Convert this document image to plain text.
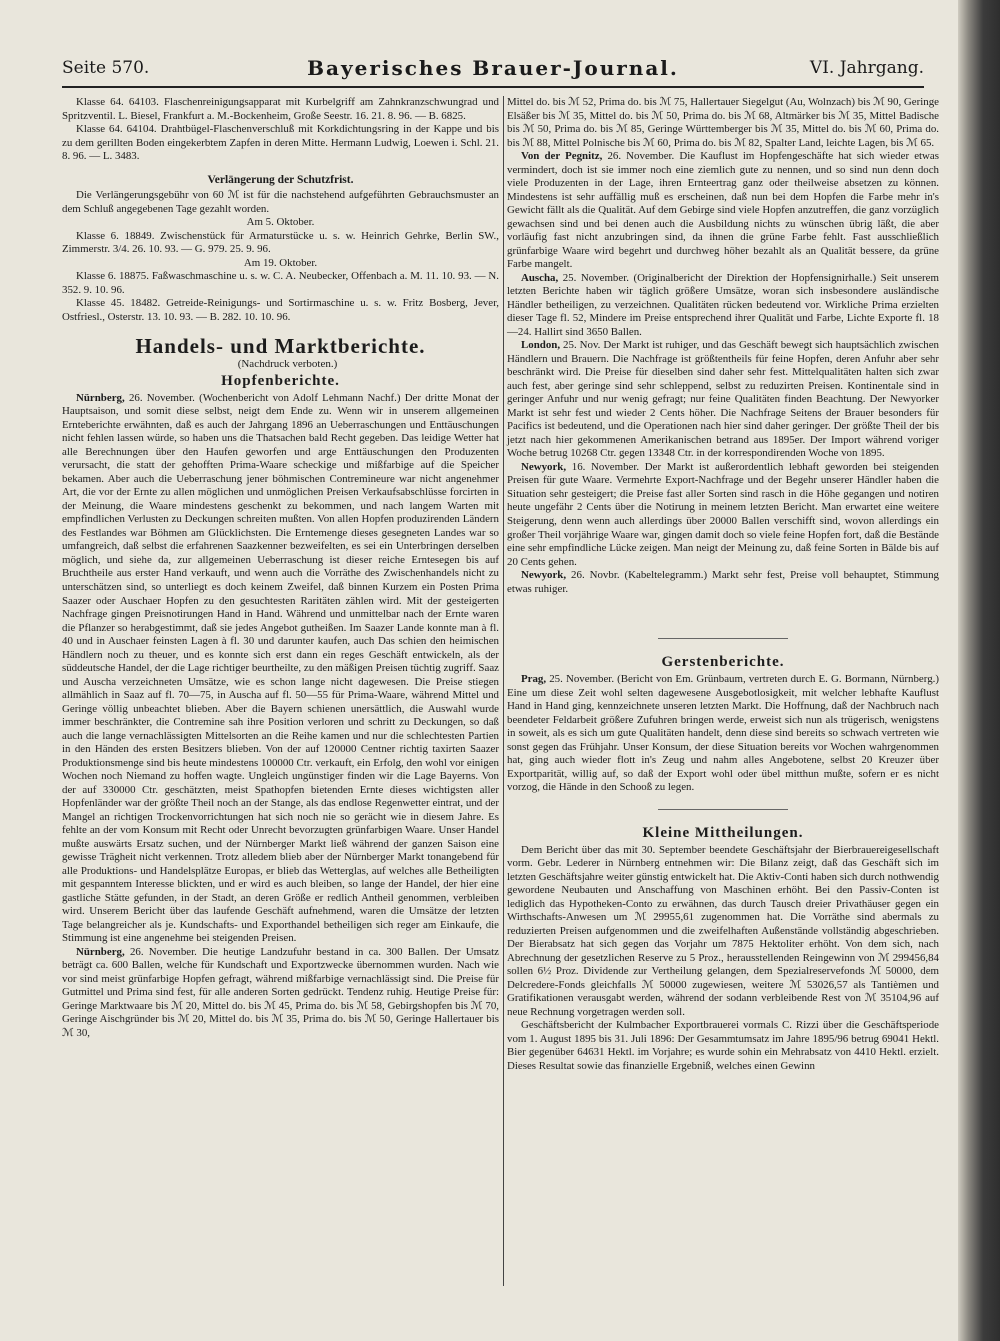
Seite 570.	Bayerisches Brauer-Journal.	VI. Jahrgang.

Klasse 64. 64103. Flaschenreinigungsapparat mit Kurbelgriff am Zahnkranzschwungrad und Spritzventil. L. Biesel, Frankfurt a. M.-Bockenheim, Große Seestr. 16. 21. 8. 96. — B. 6825.

Klasse 64. 64104. Drahtbügel-Flaschenverschluß mit Korkdichtungsring in der Kappe und bis zu dem gerillten Boden eingekerbtem Zapfen in deren Mitte. Hermann Ludwig, Loewen i. Schl. 21. 8. 96. — L. 3483.

Verlängerung der Schutzfrist.

Die Verlängerungsgebühr von 60 ℳ ist für die nachstehend aufgeführten Gebrauchsmuster an dem Schluß angegebenen Tage gezahlt worden.

Am 5. Oktober.

Klasse 6. 18849. Zwischenstück für Armaturstücke u. s. w. Heinrich Gehrke, Berlin SW., Zimmerstr. 3/4. 26. 10. 93. — G. 979. 25. 9. 96.

Am 19. Oktober.

Klasse 6. 18875. Faßwaschmaschine u. s. w. C. A. Neubecker, Offenbach a. M. 11. 10. 93. — N. 352. 9. 10. 96.

Klasse 45. 18482. Getreide-Reinigungs- und Sortirmaschine u. s. w. Fritz Bosberg, Jever, Ostfriesl., Osterstr. 13. 10. 93. — B. 282. 10. 10. 96.

Handels- und Marktberichte.

(Nachdruck verboten.)

Hopfenberichte.

Nürnberg, 26. November. (Wochenbericht von Adolf Lehmann Nachf.) Der dritte Monat der Hauptsaison, und somit diese selbst, neigt dem Ende zu. Wenn wir in unserem allgemeinen Ernteberichte erwähnten, daß es auch der Jahrgang 1896 an Ueberraschungen und Enttäuschungen nicht fehlen lassen würde, so haben uns die Thatsachen bald Recht gegeben. Das leidige Wetter hat alle Berechnungen über den Haufen geworfen und arge Enttäuschungen den Produzenten verursacht, die statt der gehofften Prima-Waare scheckige und mißfarbige auf die Speicher bekamen. Aber auch die Ueberraschung jener böhmischen Contremineure war nicht angenehmer Art, die vor der Ernte zu allen möglichen und unmöglichen Preisen Verkaufsabschlüsse forcirten in der Meinung, die Waare mindestens geschenkt zu bekommen, und nach langem Warten mit empfindlichen Verlusten zu Deckungen schreiten mußten. Von allen Hopfen produzirenden Ländern des Festlandes war Böhmen am Glücklichsten. Die Erntemenge dieses gesegneten Landes war so umfangreich, daß selbst die erfahrenen Saazkenner bezweifelten, es sei ein Unterbringen derselben möglich, und siehe da, zur allgemeinen Ueberraschung ist dieser reiche Erntesegen bis auf Bruchtheile aus erster Hand verkauft, und wenn auch die Vorräthe des Zwischenhandels nicht zu unterschätzen sind, so unterliegt es doch keinem Zweifel, daß binnen Kurzem ein Posten Prima Saazer oder Auschaer Hopfen zu den gesuchtesten Raritäten zählen wird. Mit der gesteigerten Nachfrage gingen Preisnotirungen Hand in Hand. Während und unmittelbar nach der Ernte waren die Pflanzer so herabgestimmt, daß sie jedes Angebot gutheißen. Im Saazer Lande konnte man à fl. 40 und in Auschaer feinsten Lagen à fl. 30 und darunter kaufen, auch Das schien den heimischen Händlern noch zu theuer, und es konnte sich erst dann ein reges Geschäft entwickeln, als der süddeutsche Handel, der die Lage richtiger beurtheilte, zu den mäßigen Preisen tüchtig zugriff. Saaz und Auscha verzeichneten Umsätze, wie es schon lange nicht dagewesen. Die Preise stiegen allmählich in Saaz auf fl. 70—75, in Auscha auf fl. 50—55 für Prima-Waare, während Mittel und Geringe völlig unbeachtet blieben. Aber die Bayern schienen unersättlich, die Auswahl wurde immer beschränkter, die Contremine sah ihre Position verloren und schritt zu Deckungen, so daß auch die lange vernachlässigten Mittelsorten an die Reihe kamen und nur die schlechtesten Partien in den Händen des ersten Besitzers blieben. Von der auf 120000 Centner richtig taxirten Saazer Produktionsmenge sind bis heute mindestens 100000 Ctr. verkauft, ein Erfolg, den wohl vor einigen Wochen noch Niemand zu hoffen wagte. Ungleich ungünstiger finden wir die Lage Bayerns. Von der auf 330000 Ctr. geschätzten, meist Spathopfen bietenden Ernte dieses wichtigsten aller Hopfenländer war der größte Theil noch an der Stange, als das endlose Regenwetter eintrat, und der Mangel an richtigen Trockenvorrichtungen hat sich noch nie so gerächt wie in diesem Jahre. Es fehlte an der vom Konsum mit Recht oder Unrecht bevorzugten grünfarbigen Waare. Unser Handel mußte auswärts Ersatz suchen, und der Nürnberger Markt ließ während der ganzen Saison eine gewisse Trägheit nicht verkennen. Trotz alledem blieb aber der Nürnberger Markt tonangebend für alle Produktions- und Handelsplätze Europas, er blieb das Wetterglas, auf welches alle Betheiligten mit gespanntem Interesse blickten, und er wird es auch bleiben, so lange der Handel, der hier eine gastliche Stätte gefunden, in der Stadt, an deren Größe er redlich Antheil genommen, verbleiben wird. Unserem Bericht über das laufende Geschäft aufnehmend, waren die Umsätze der letzten Tage belangreicher als je. Kundschafts- und Exporthandel betheiligen sich reger am Einkaufe, die Stimmung ist eine angenehme bei steigenden Preisen.

Nürnberg, 26. November. Die heutige Landzufuhr bestand in ca. 300 Ballen. Der Umsatz beträgt ca. 600 Ballen, welche für Kundschaft und Exportzwecke übernommen wurden. Nach wie vor sind meist grünfarbige Hopfen gefragt, während mißfarbige vernachlässigt sind. Die Preise für Gutmittel und Prima sind fest, für alle anderen Sorten gedrückt. Tendenz ruhig. Heutige Preise für: Geringe Marktwaare bis ℳ 20, Mittel do. bis ℳ 45, Prima do. bis ℳ 58, Gebirgshopfen bis ℳ 70, Geringe Aischgründer bis ℳ 20, Mittel do. bis ℳ 35, Prima do. bis ℳ 50, Geringe Hallertauer bis ℳ 30,

Mittel do. bis ℳ 52, Prima do. bis ℳ 75, Hallertauer Siegelgut (Au, Wolnzach) bis ℳ 90, Geringe Elsäßer bis ℳ 35, Mittel do. bis ℳ 50, Prima do. bis ℳ 68, Altmärker bis ℳ 35, Mittel Badische bis ℳ 50, Prima do. bis ℳ 85, Geringe Württemberger bis ℳ 35, Mittel do. bis ℳ 60, Prima do. bis ℳ 88, Mittel Polnische bis ℳ 60, Prima do. bis ℳ 82, Spalter Land, leichte Lagen, bis ℳ 65.

Von der Pegnitz, 26. November. Die Kauflust im Hopfengeschäfte hat sich wieder etwas vermindert, doch ist sie immer noch eine ziemlich gute zu nennen, und so sind nun denn doch viele Produzenten in der Lage, ihren Ernteertrag ganz oder theilweise absetzen zu können. Mindestens ist sehr auffällig muß es erscheinen, daß nun bei dem Hopfen die Farbe mehr in's Gewicht fällt als die Qualität. Auf dem Gebirge sind viele Hopfen anzutreffen, die ganz vorzüglich gewachsen sind und bei denen auch die Ausbildung nichts zu wünschen übrig läßt, die aber vorläufig fast nicht anzubringen sind, da ihnen die grüne Farbe fehlt. Fast ausschließlich grünfarbige Waare wird begehrt und durchweg höher bezahlt als an Qualität bessere, da grüne Farbe mangelt.

Auscha, 25. November. (Originalbericht der Direktion der Hopfensignirhalle.) Seit unserem letzten Berichte haben wir täglich größere Umsätze, woran sich insbesondere ausländische Händler betheiligen, zu verzeichnen. Qualitäten rücken bedeutend vor. Wirkliche Prima erzielten dieser Tage fl. 52, Mindere im Preise entsprechend ihrer Qualität und Farbe, Lichte Exporte fl. 18—24. Hallirt sind 3650 Ballen.

London, 25. Nov. Der Markt ist ruhiger, und das Geschäft bewegt sich hauptsächlich zwischen Händlern und Brauern. Die Nachfrage ist größtentheils für feine Hopfen, deren Anfuhr aber sehr beschränkt wird. Die Preise für dieselben sind daher sehr fest. Mittelqualitäten halten sich zwar auch fest, aber geringe sind sehr schleppend, selbst zu reduzirten Preisen. Kontinentale sind in geringer Anfuhr und nur wenig gefragt; nur feine Qualitäten finden Beachtung. Der Newyorker Markt ist sehr fest und wieder 2 Cents höher. Die Nachfrage Seitens der Brauer besonders für Pacifics ist bedeutend, und die Operationen nach hier sind daher geringer. Der größte Theil der bis jetzt nach hier gekommenen Amerikanischen betrand aus 1895er. Der Import während voriger Woche betrug 10268 Ctr. gegen 13348 Ctr. in der korrespondirenden Woche von 1895.

Newyork, 16. November. Der Markt ist außerordentlich lebhaft geworden bei steigenden Preisen für gute Waare. Vermehrte Export-Nachfrage und der Begehr unserer Händler haben die Situation sehr gesteigert; die Preise fast aller Sorten sind rasch in die Höhe gegangen und notiren heute ungefähr 2 Cents über die Notirung in meinem letzten Bericht. Man erwartet eine weitere Steigerung, denn wenn auch allerdings über 20000 Ballen verschifft sind, wovon allerdings ein großer Theil vorjährige Waare war, gingen damit doch so viele feine Hopfen fort, daß die Bestände eine sehr empfindliche Lücke zeigen. Man neigt der Meinung zu, daß feine Sorten in Bälde bis auf 20 Cents gehen.

Newyork, 26. Novbr. (Kabeltelegramm.) Markt sehr fest, Preise voll behauptet, Stimmung etwas ruhiger.

Gerstenberichte.

Prag, 25. November. (Bericht von Em. Grünbaum, vertreten durch E. G. Bormann, Nürnberg.) Eine um diese Zeit wohl selten dagewesene Ausgebotlosigkeit, mit welcher lebhafte Kauflust Hand in Hand ging, kennzeichnete unseren letzten Markt. Die Hoffnung, daß der Nachbruch nach beendeter Feldarbeit größere Zufuhren bringen werde, erweist sich nun als trügerisch, wenigstens in soweit, als es sich um gute Qualitäten handelt, denn diese sind bereits so schwach vertreten wie sonst gegen das Frühjahr. Unser Konsum, der diese Situation bereits vor Wochen wahrgenommen hat, ging auch wieder flott in's Zeug und nahm alles Angebotene, selbst 20 Kreuzer über Exportparität, willig auf, so daß der Export wohl oder übel mitthun mußte, sofern er es nicht vorzog, die Hände in den Schooß zu legen.

Kleine Mittheilungen.

Dem Bericht über das mit 30. September beendete Geschäftsjahr der Bierbrauereigesellschaft vorm. Gebr. Lederer in Nürnberg entnehmen wir: Die Bilanz zeigt, daß das Geschäft sich im letzten Geschäftsjahre weiter günstig entwickelt hat. Die Aktiv-Conti haben sich durch nothwendig gewordene Neubauten und Anschaffung von Maschinen erhöht. Bei den Passiv-Conten ist lediglich das Hypotheken-Conto zu erwähnen, das durch Tausch dreier Privathäuser gegen ein Wirthschafts-Anwesen um ℳ 29955,61 zugenommen hat. Die Vorräthe sind abermals zu reduzierten Preisen aufgenommen und die zweifelhaften Außenstände vollständig abgeschrieben. Der Bierabsatz hat sich gegen das Vorjahr um 7875 Hektoliter erhöht. Von dem sich, nach Abrechnung der gesetzlichen Reserve zu 5 Proz., herausstellenden Reingewinn von ℳ 299456,84 sollen 6½ Proz. Dividende zur Vertheilung gelangen, dem Spezialreservefonds ℳ 50000, dem Delcredere-Fonds gleichfalls ℳ 50000 zugewiesen, weitere ℳ 53026,57 als Tantièmen und Gratifikationen verausgabt werden, während der sodann verbleibende Rest von ℳ 35104,96 auf neue Rechnung vorgetragen werden soll.

Geschäftsbericht der Kulmbacher Exportbrauerei vormals C. Rizzi über die Geschäftsperiode vom 1. August 1895 bis 31. Juli 1896: Der Gesammtumsatz im Jahre 1895/96 betrug 69041 Hektl. Bier gegenüber 64631 Hektl. im Vorjahre; es wurde sohin ein Mehrabsatz von 4410 Hektl. erzielt. Dieses Resultat sowie das finanzielle Ergebniß, welches einen Gewinn
